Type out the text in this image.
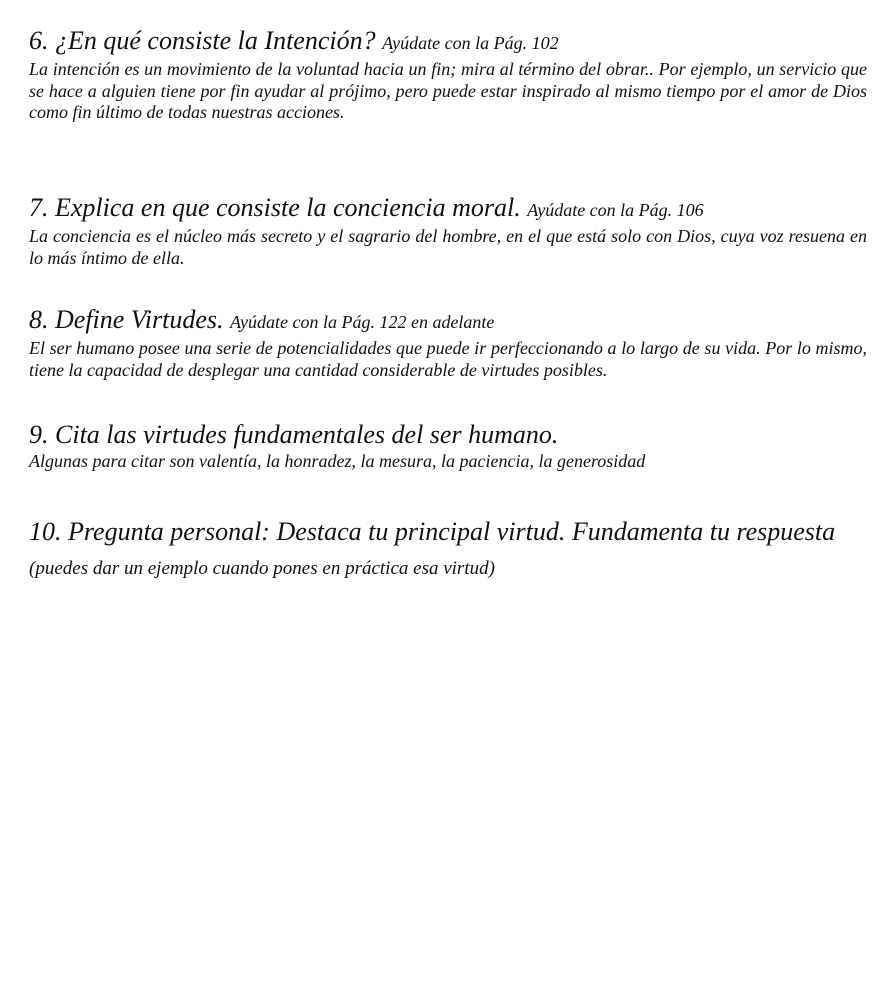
6. ¿En qué consiste la Intención? Ayúdate con la Pág. 102
La intención es un movimiento de la voluntad hacia un fin; mira al término del obrar.. Por ejemplo, un servicio que se hace a alguien tiene por fin ayudar al prójimo, pero puede estar inspirado al mismo tiempo por el amor de Dios como fin último de todas nuestras acciones.
7. Explica en que consiste la conciencia moral. Ayúdate con la Pág. 106
La conciencia es el núcleo más secreto y el sagrario del hombre, en el que está solo con Dios, cuya voz resuena en lo más íntimo de ella.
8. Define Virtudes. Ayúdate con la Pág. 122 en adelante
El ser humano posee una serie de potencialidades que puede ir perfeccionando a lo largo de su vida. Por lo mismo, tiene la capacidad de desplegar una cantidad considerable de virtudes posibles.
9. Cita las virtudes fundamentales del ser humano.
Algunas para citar son valentía, la honradez, la mesura, la paciencia, la generosidad
10. Pregunta personal: Destaca tu principal virtud. Fundamenta tu respuesta (puedes dar un ejemplo cuando pones en práctica esa virtud)
